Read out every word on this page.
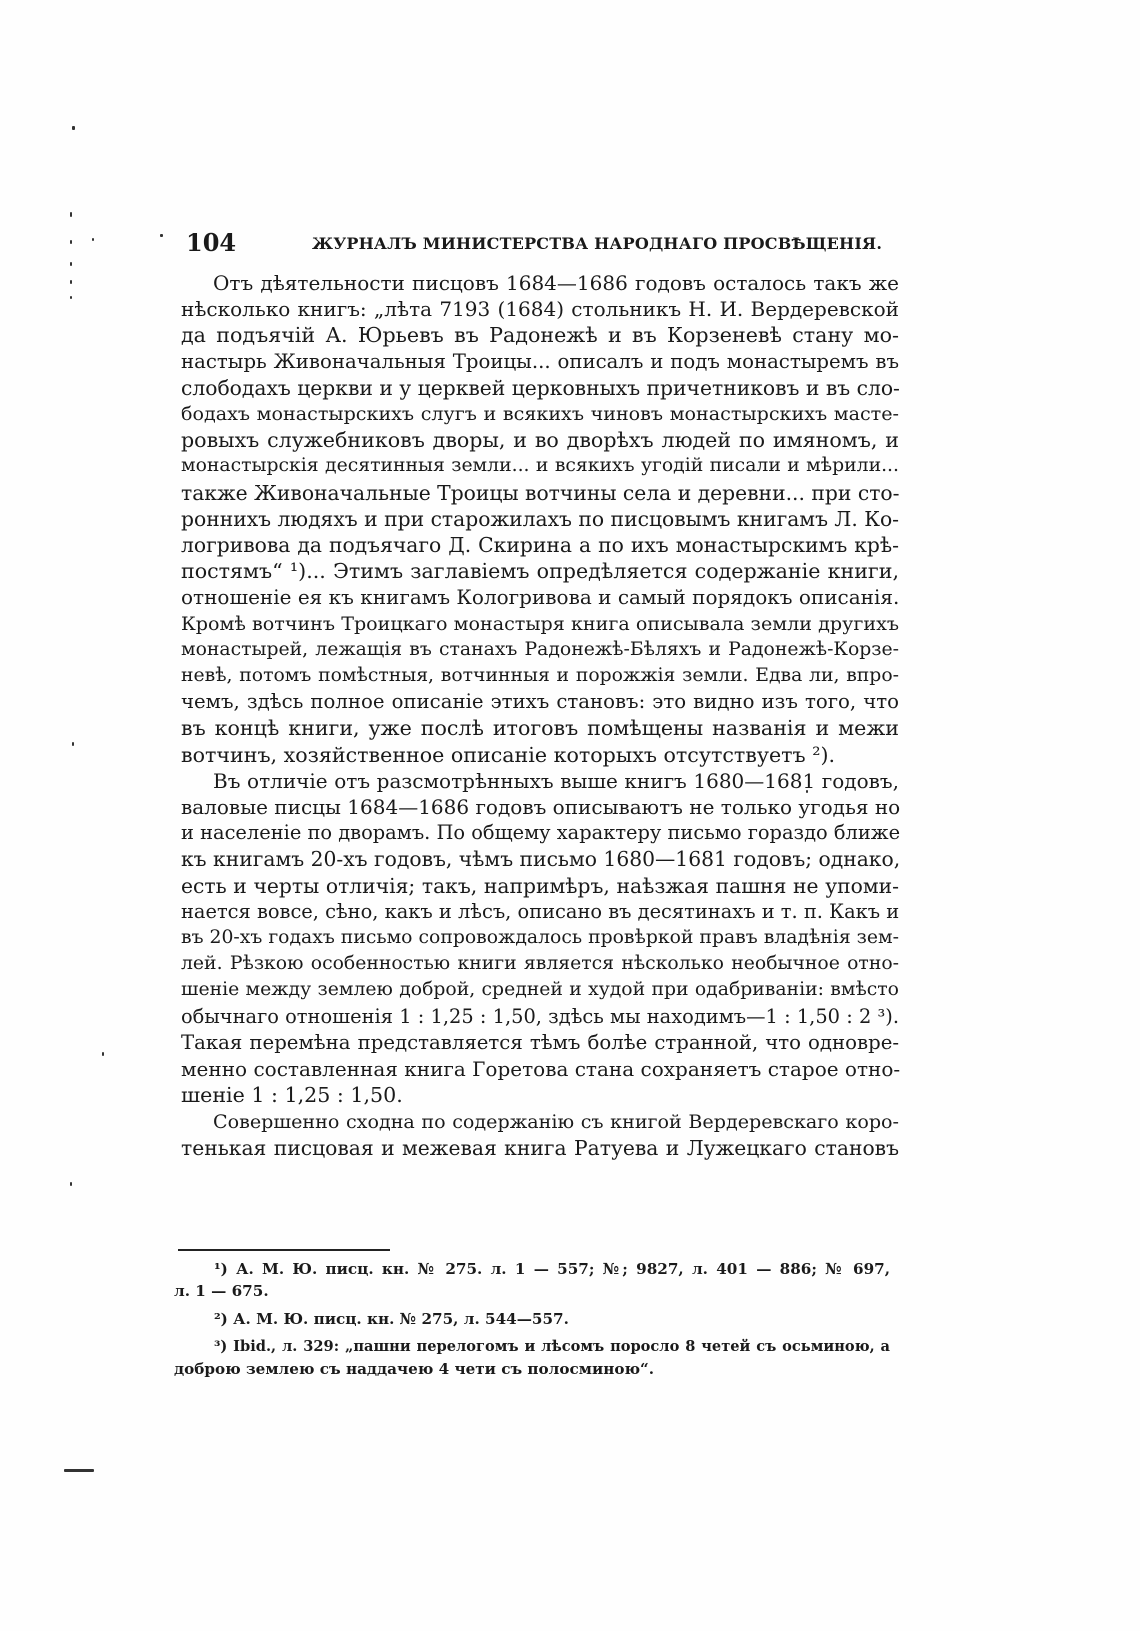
104	ЖУРНАЛЪ МИНИСТЕРСТВА НАРОДНАГО ПРОСВѢЩЕНІЯ.

Отъ дѣятельности писцовъ 1684—1686 годовъ осталось такъ же

нѣсколько книгъ: „лѣта 7193 (1684) стольникъ Н. И. Вердеревской

да подъячій А. Юрьевъ въ Радонежѣ и въ Корзеневѣ стану мо-

настырь Живоначальныя Троицы... описалъ и подъ монастыремъ въ

слободахъ церкви и у церквей церковныхъ причетниковъ и въ сло-

бодахъ монастырскихъ слугъ и всякихъ чиновъ монастырскихъ мастe-

ровыхъ служебниковъ дворы, и во дворѣхъ людей по имяномъ, и

монастырскія десятинныя земли... и всякихъ угодій писали и мѣрили...

также Живоначальные Троицы вотчины села и деревни... при сто-

роннихъ людяхъ и при старожилахъ по писцовымъ книгамъ Л. Ко-

логривова да подъячаго Д. Скирина а по ихъ монастырскимъ крѣ-

постямъ“ ¹)... Этимъ заглавіемъ опредѣляется содержаніе книги,

отношеніе ея къ книгамъ Кологривова и самый порядокъ описанія.

Кромѣ вотчинъ Троицкаго монастыря книга описывала земли другихъ

монастырей, лежащія въ станахъ Радонежѣ-Бѣляхъ и Радонежѣ-Корзе-

невѣ, потомъ помѣстныя, вотчинныя и порожжія земли. Едва ли, впро-

чемъ, здѣсь полное описаніе этихъ становъ: это видно изъ того, что

въ концѣ книги, уже послѣ итоговъ помѣщены названія и межи

вотчинъ, хозяйственное описаніе которыхъ отсутствуетъ ²).

Въ отличіе отъ разсмотрѣнныхъ выше книгъ 1680—1681 годовъ,

валовые писцы 1684—1686 годовъ описываютъ не только угодья но

и населеніе по дворамъ. По общему характеру письмо гораздо ближе

къ книгамъ 20-хъ годовъ, чѣмъ письмо 1680—1681 годовъ; однако,

есть и черты отличія; такъ, напримѣръ, наѣзжая пашня не упоми-

нается вовсе, сѣно, какъ и лѣсъ, описано въ десятинахъ и т. п. Какъ и

въ 20-хъ годахъ письмо сопровождалось провѣркой правъ владѣнія зем-

лей. Рѣзкою особенностью книги является нѣсколько необычное отно-

шеніе между землею доброй, средней и худой при одабриваніи: вмѣсто

обычнаго отношенія 1 : 1,25 : 1,50, здѣсь мы находимъ—1 : 1,50 : 2 ³).

Такая перемѣна представляется тѣмъ болѣе странной, что одновре-

менно составленная книга Горетова стана сохраняетъ старое отно-

шеніе 1 : 1,25 : 1,50.

Совершенно сходна по содержанію съ книгой Вердеревскаго коро-

тенькая писцовая и межевая книга Ратуева и Лужецкаго становъ

¹) А. М. Ю. писц. кн. № 275. л. 1 — 557; №; 9827, л. 401 — 886; № 697,

л. 1 — 675.

²) А. М. Ю. писц. кн. № 275, л. 544—557.

³) Ibid., л. 329: „пашни перелогомъ и лѣсомъ поросло 8 четей съ осьминою, а

доброю землею съ наддачею 4 чети съ полосминою“.
